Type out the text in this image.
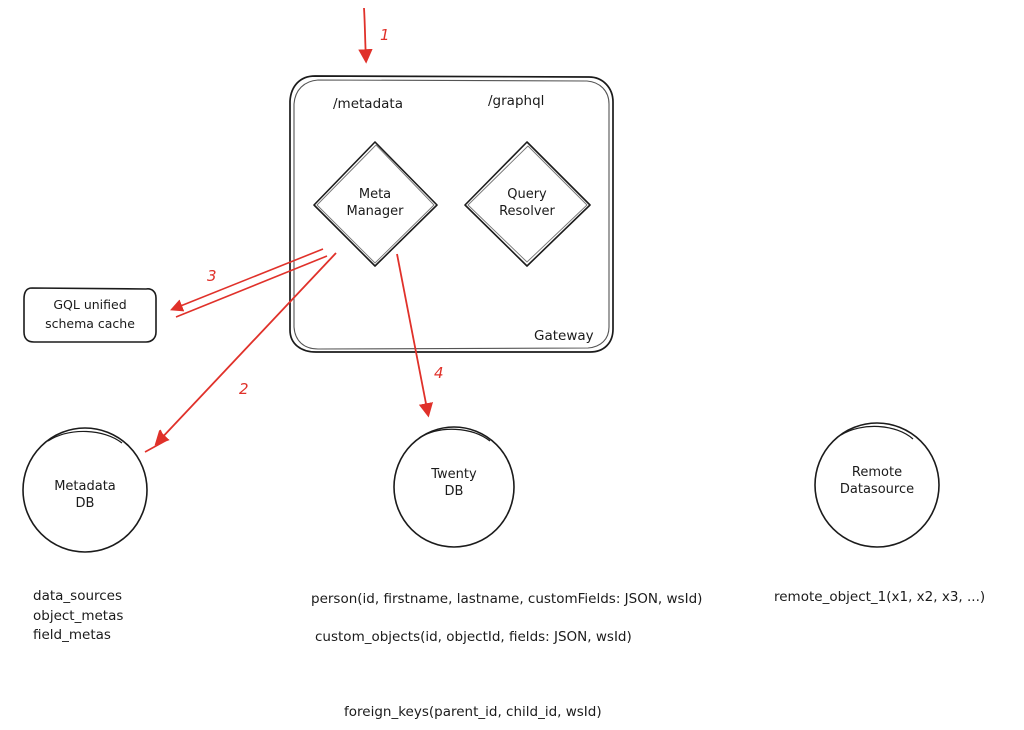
/metadata	/graphql
Gateway
Meta
Manager
Query
Resolver
GQL unified
schema cache
Metadata
DB
Twenty
DB
Remote
Datasource
1
2
3
4
data_sources
object_metas
field_metas
person(id, firstname, lastname, customFields: JSON, wsId)
custom_objects(id, objectId, fields: JSON, wsId)
remote_object_1(x1, x2, x3, ...)
foreign_keys(parent_id, child_id, wsId)
